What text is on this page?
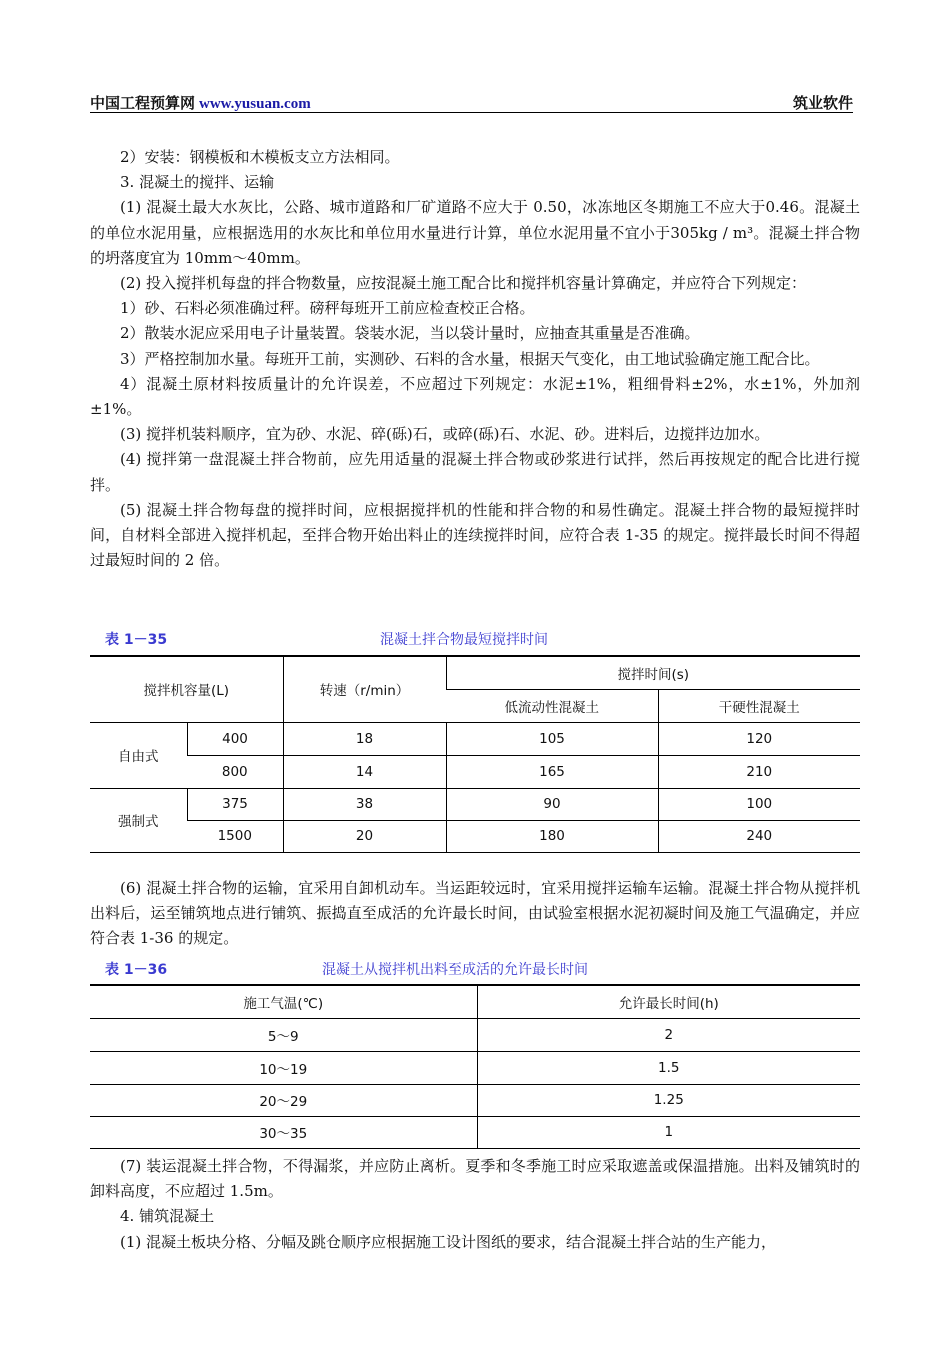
中国工程预算网 www.yusuan.com	筑业软件

2）安装：钢模板和木模板支立方法相同。

3. 混凝土的搅拌、运输

(1) 混凝土最大水灰比，公路、城市道路和厂矿道路不应大于 0.50，冰冻地区冬期施工不应大于0.46。混凝土的单位水泥用量，应根据选用的水灰比和单位用水量进行计算，单位水泥用量不宜小于305kg / m³。混凝土拌合物的坍落度宜为 10mm～40mm。

(2) 投入搅拌机每盘的拌合物数量，应按混凝土施工配合比和搅拌机容量计算确定，并应符合下列规定：

1）砂、石料必须准确过秤。磅秤每班开工前应检查校正合格。

2）散装水泥应采用电子计量装置。袋装水泥，当以袋计量时，应抽查其重量是否准确。

3）严格控制加水量。每班开工前，实测砂、石料的含水量，根据天气变化，由工地试验确定施工配合比。

4）混凝土原材料按质量计的允许误差，不应超过下列规定：水泥±1%，粗细骨料±2%，水±1%，外加剂±1%。

(3) 搅拌机装料顺序，宜为砂、水泥、碎(砾)石，或碎(砾)石、水泥、砂。进料后，边搅拌边加水。

(4) 搅拌第一盘混凝土拌合物前，应先用适量的混凝土拌合物或砂浆进行试拌，然后再按规定的配合比进行搅拌。

(5) 混凝土拌合物每盘的搅拌时间，应根据搅拌机的性能和拌合物的和易性确定。混凝土拌合物的最短搅拌时间，自材料全部进入搅拌机起，至拌合物开始出料止的连续搅拌时间，应符合表 1-35 的规定。搅拌最长时间不得超过最短时间的 2 倍。

表 1－35	混凝土拌合物最短搅拌时间
搅拌机容量(L)		转速（r/min）	搅拌时间(s)	
			低流动性混凝土	干硬性混凝土
自由式	400	18	105	120
	800	14	165	210
强制式	375	38	90	100
	1500	20	180	240

(6) 混凝土拌合物的运输，宜采用自卸机动车。当运距较远时，宜采用搅拌运输车运输。混凝土拌合物从搅拌机出料后，运至铺筑地点进行铺筑、振捣直至成活的允许最长时间，由试验室根据水泥初凝时间及施工气温确定，并应符合表 1-36 的规定。

表 1－36	混凝土从搅拌机出料至成活的允许最长时间
施工气温(℃)	允许最长时间(h)
5～9	2
10～19	1.5
20～29	1.25
30～35	1

(7) 装运混凝土拌合物，不得漏浆，并应防止离析。夏季和冬季施工时应采取遮盖或保温措施。出料及铺筑时的卸料高度，不应超过 1.5m。

4. 铺筑混凝土

(1) 混凝土板块分格、分幅及跳仓顺序应根据施工设计图纸的要求，结合混凝土拌合站的生产能力，
